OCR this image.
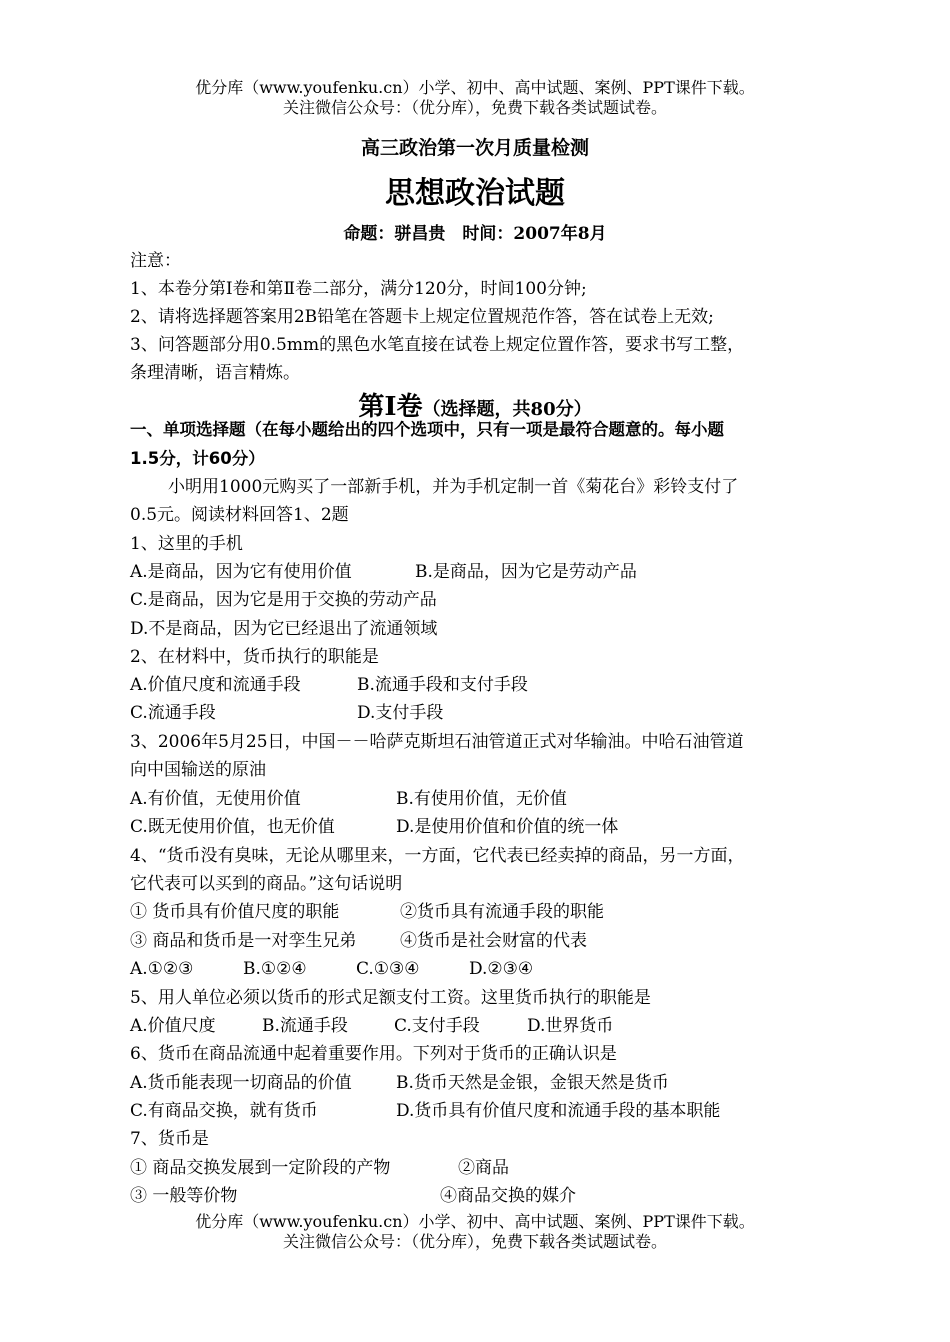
优分库（www.youfenku.cn）小学、初中、高中试题、案例、PPT课件下载。
关注微信公众号：（优分库），免费下载各类试题试卷。
高三政治第一次月质量检测
思想政治试题
命题：骈昌贵　时间：2007年8月
注意：
1、本卷分第Ⅰ卷和第Ⅱ卷二部分，满分120分，时间100分钟;
2、请将选择题答案用2B铅笔在答题卡上规定位置规范作答，答在试卷上无效;
3、问答题部分用0.5mm的黑色水笔直接在试卷上规定位置作答，要求书写工整，
条理清晰，语言精炼。
第Ⅰ卷（选择题，共80分）
一、单项选择题（在每小题给出的四个选项中，只有一项是最符合题意的。每小题
1.5分，计60分）
小明用1000元购买了一部新手机，并为手机定制一首《菊花台》彩铃支付了
0.5元。阅读材料回答1、2题
1、这里的手机
A.是商品，因为它有使用价值	B.是商品，因为它是劳动产品
C.是商品，因为它是用于交换的劳动产品
D.不是商品，因为它已经退出了流通领域
2、在材料中，货币执行的职能是
A.价值尺度和流通手段	B.流通手段和支付手段
C.流通手段	D.支付手段
3、2006年5月25日，中国－－哈萨克斯坦石油管道正式对华输油。中哈石油管道
向中国输送的原油
A.有价值，无使用价值	B.有使用价值，无价值
C.既无使用价值，也无价值	D.是使用价值和价值的统一体
4、“货币没有臭味，无论从哪里来，一方面，它代表已经卖掉的商品，另一方面，
它代表可以买到的商品。”这句话说明
① 货币具有价值尺度的职能	②货币具有流通手段的职能
③ 商品和货币是一对孪生兄弟	④货币是社会财富的代表
A.①②③	B.①②④	C.①③④	D.②③④
5、用人单位必须以货币的形式足额支付工资。这里货币执行的职能是
A.价值尺度	B.流通手段	C.支付手段	D.世界货币
6、货币在商品流通中起着重要作用。下列对于货币的正确认识是
A.货币能表现一切商品的价值	B.货币天然是金银，金银天然是货币
C.有商品交换，就有货币	D.货币具有价值尺度和流通手段的基本职能
7、货币是
① 商品交换发展到一定阶段的产物	②商品
③ 一般等价物	④商品交换的媒介
优分库（www.youfenku.cn）小学、初中、高中试题、案例、PPT课件下载。
关注微信公众号：（优分库），免费下载各类试题试卷。
